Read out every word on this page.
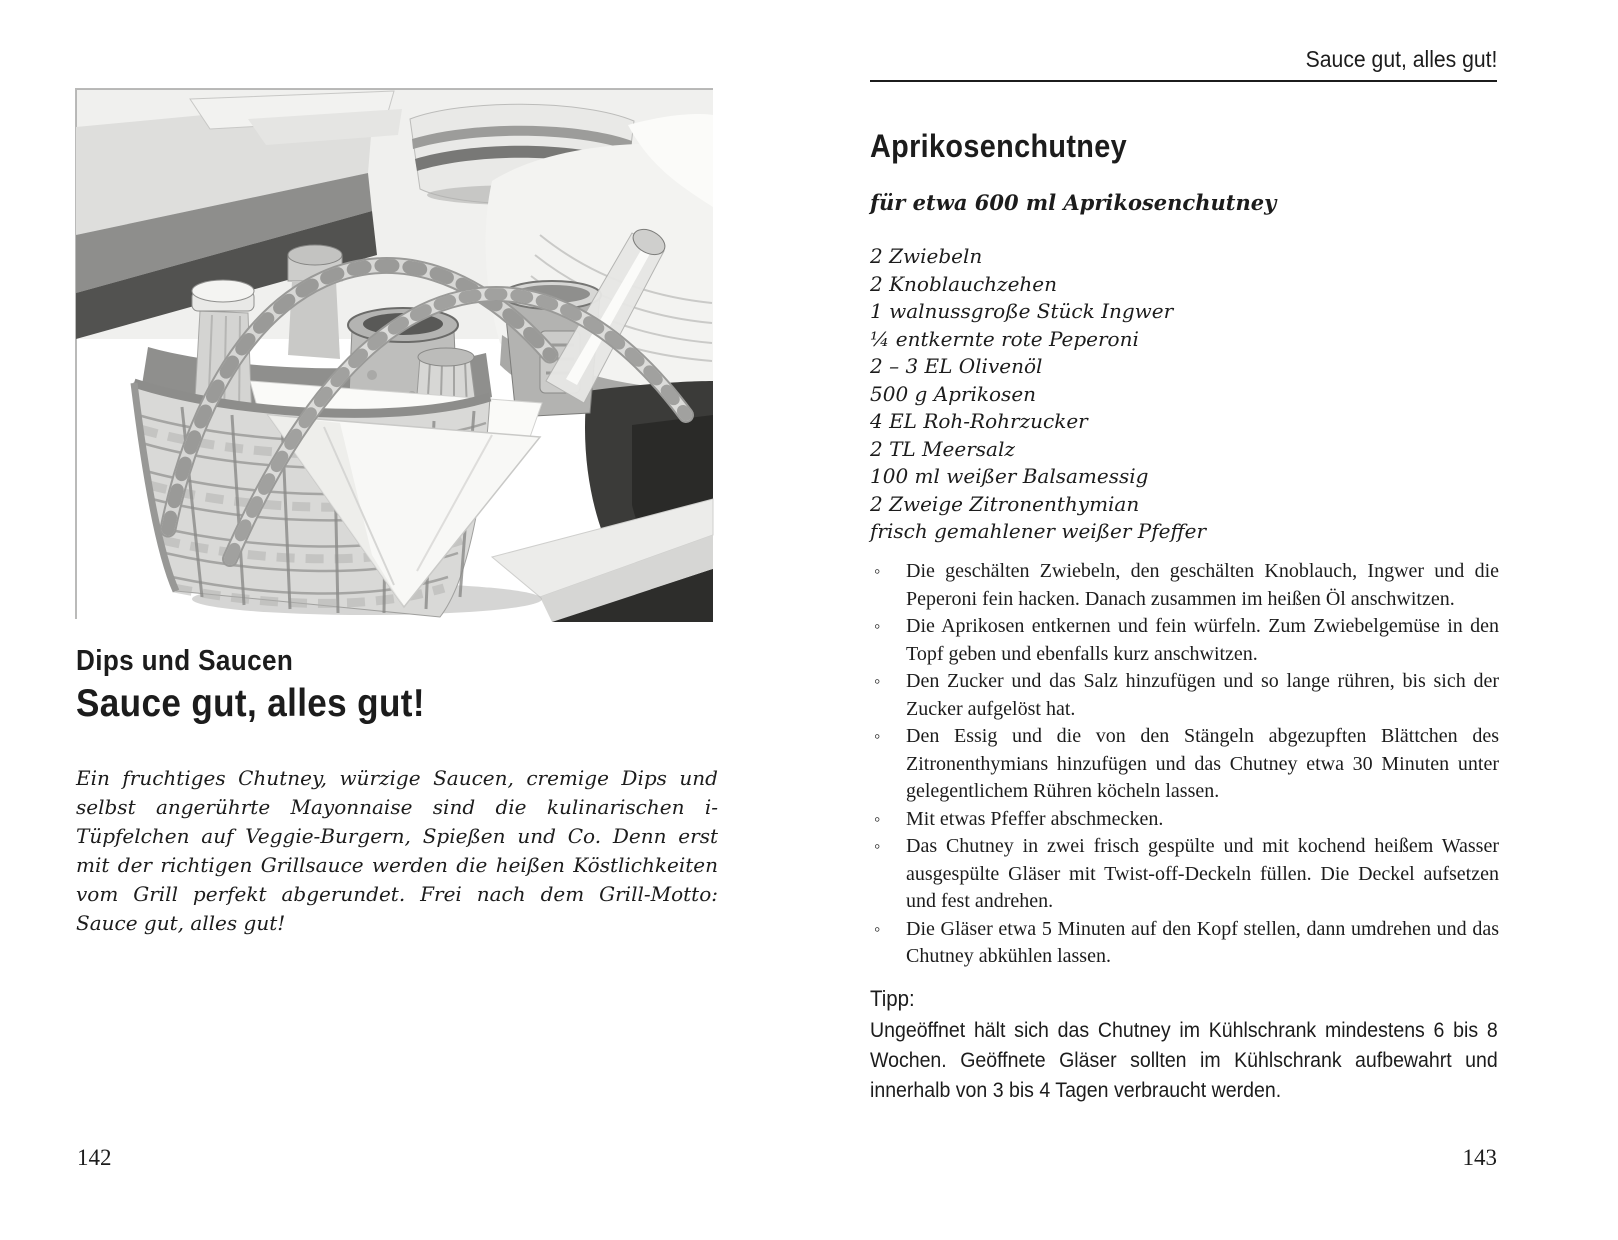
Dips und Saucen
Sauce gut, alles gut!

Ein fruchtiges Chutney, würzige Saucen, cremige Dips und selbst angerührte Mayonnaise sind die kulinarischen i-Tüpfelchen auf Veggie-Burgern, Spießen und Co. Denn erst mit der richtigen Grillsauce werden die heißen Köstlichkeiten vom Grill perfekt abgerundet. Frei nach dem Grill-Motto: Sauce gut, alles gut!

142
Sauce gut, alles gut!
Aprikosenchutney
für etwa 600 ml Aprikosenchutney
2 Zwiebeln
2 Knoblauchzehen
1 walnussgroße Stück Ingwer
¼ entkernte rote Peperoni
2 – 3 EL Olivenöl
500 g Aprikosen
4 EL Roh-Rohrzucker
2 TL Meersalz
100 ml weißer Balsamessig
2 Zweige Zitronenthymian
frisch gemahlener weißer Pfeffer
◦ Die geschälten Zwiebeln, den geschälten Knoblauch, Ingwer und die Peperoni fein hacken. Danach zusammen im heißen Öl anschwitzen.
◦ Die Aprikosen entkernen und fein würfeln. Zum Zwiebelgemüse in den Topf geben und ebenfalls kurz anschwitzen.
◦ Den Zucker und das Salz hinzufügen und so lange rühren, bis sich der Zucker aufgelöst hat.
◦ Den Essig und die von den Stängeln abgezupften Blättchen des Zitronenthymians hinzufügen und das Chutney etwa 30 Minuten unter gelegentlichem Rühren köcheln lassen.
◦ Mit etwas Pfeffer abschmecken.
◦ Das Chutney in zwei frisch gespülte und mit kochend heißem Wasser ausgespülte Gläser mit Twist-off-Deckeln füllen. Die Deckel aufsetzen und fest andrehen.
◦ Die Gläser etwa 5 Minuten auf den Kopf stellen, dann umdrehen und das Chutney abkühlen lassen.
Tipp:
Ungeöffnet hält sich das Chutney im Kühlschrank mindestens 6 bis 8 Wochen. Geöffnete Gläser sollten im Kühlschrank aufbewahrt und innerhalb von 3 bis 4 Tagen verbraucht werden.
143
